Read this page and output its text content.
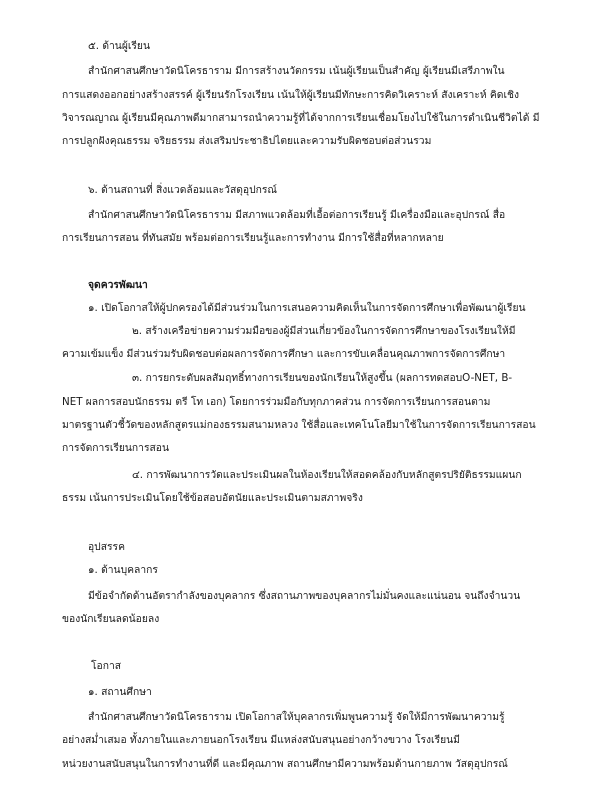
๕. ด้านผู้เรียน
สำนักศาสนศึกษาวัดนิโครธาราม มีการสร้างนวัตกรรม เน้นผู้เรียนเป็นสำคัญ ผู้เรียนมีเสรีภาพใน
การแสดงออกอย่างสร้างสรรค์ ผู้เรียนรักโรงเรียน เน้นให้ผู้เรียนมีทักษะการคิดวิเคราะห์ สังเคราะห์ คิดเชิง
วิจารณญาณ ผู้เรียนมีคุณภาพดีมากสามารถนำความรู้ที่ได้จากการเรียนเชื่อมโยงไปใช้ในการดำเนินชีวิตได้ มี
การปลูกฝังคุณธรรม จริยธรรม ส่งเสริมประชาธิปไตยและความรับผิดชอบต่อส่วนรวม
๖. ด้านสถานที่ สิ่งแวดล้อมและวัสดุอุปกรณ์
สำนักศาสนศึกษาวัดนิโครธาราม มีสภาพแวดล้อมที่เอื้อต่อการเรียนรู้ มีเครื่องมือและอุปกรณ์ สื่อ
การเรียนการสอน ที่ทันสมัย พร้อมต่อการเรียนรู้และการทำงาน มีการใช้สื่อที่หลากหลาย
จุดควรพัฒนา
๑. เปิดโอกาสให้ผู้ปกครองได้มีส่วนร่วมในการเสนอความคิดเห็นในการจัดการศึกษาเพื่อพัฒนาผู้เรียน
๒. สร้างเครือข่ายความร่วมมือของผู้มีส่วนเกี่ยวข้องในการจัดการศึกษาของโรงเรียนให้มี
ความเข้มแข็ง มีส่วนร่วมรับผิดชอบต่อผลการจัดการศึกษา และการขับเคลื่อนคุณภาพการจัดการศึกษา
๓. การยกระดับผลสัมฤทธิ์ทางการเรียนของนักเรียนให้สูงขึ้น (ผลการทดสอบO-NET, B-
NET ผลการสอบนักธรรม ตรี โท เอก) โดยการร่วมมือกับทุกภาคส่วน การจัดการเรียนการสอนตาม
มาตรฐานตัวชี้วัดของหลักสูตรแม่กองธรรมสนามหลวง ใช้สื่อและเทคโนโลยีมาใช้ในการจัดการเรียนการสอน
การจัดการเรียนการสอน
๔. การพัฒนาการวัดและประเมินผลในห้องเรียนให้สอดคล้องกับหลักสูตรปริยัติธรรมแผนก
ธรรม เน้นการประเมินโดยใช้ข้อสอบอัตนัยและประเมินตามสภาพจริง
อุปสรรค
๑. ด้านบุคลากร
มีข้อจำกัดด้านอัตรากำลังของบุคลากร ซึ่งสถานภาพของบุคลากรไม่มั่นคงและแน่นอน จนถึงจำนวน
ของนักเรียนลดน้อยลง
โอกาส
๑. สถานศึกษา
สำนักศาสนศึกษาวัดนิโครธาราม เปิดโอกาสให้บุคลากรเพิ่มพูนความรู้ จัดให้มีการพัฒนาความรู้
อย่างสม่ำเสมอ ทั้งภายในและภายนอกโรงเรียน มีแหล่งสนับสนุนอย่างกว้างขวาง โรงเรียนมี
หน่วยงานสนับสนุนในการทำงานที่ดี และมีคุณภาพ สถานศึกษามีความพร้อมด้านกายภาพ วัสดุอุปกรณ์
